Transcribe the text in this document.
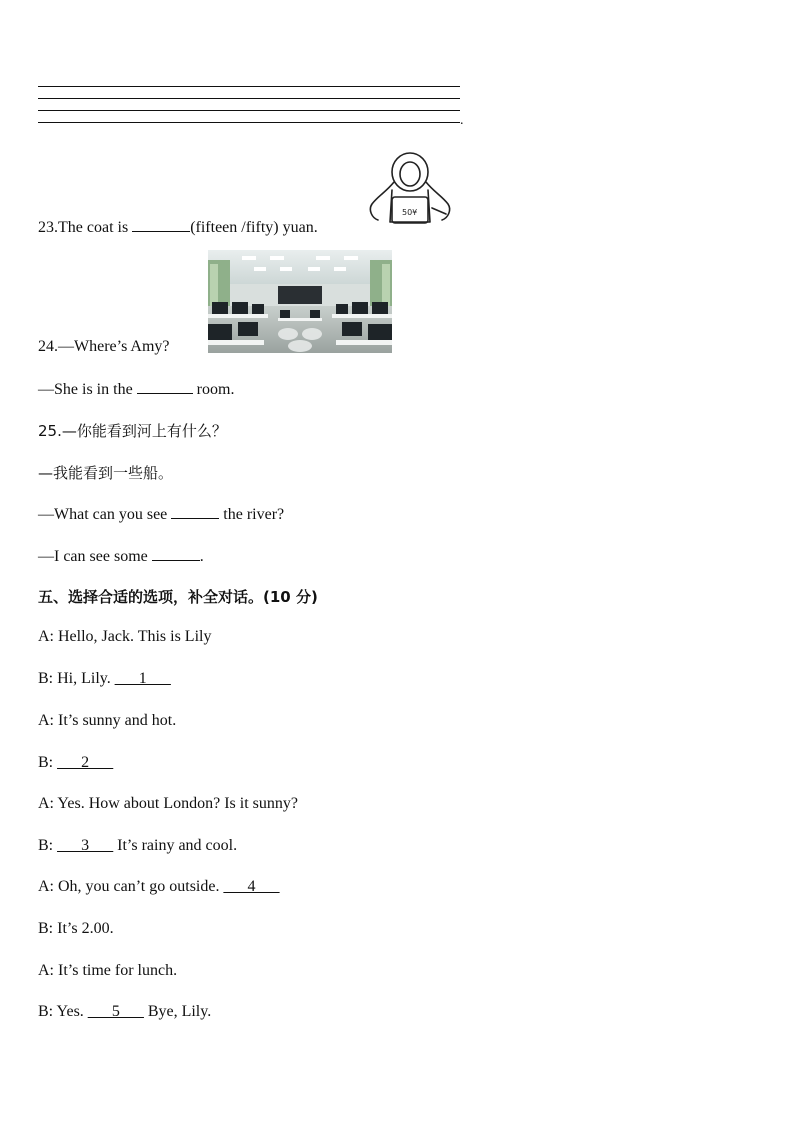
.
23.The coat is	(fifteen /fifty) yuan.
50¥
24.—Where’s Amy?
—She is in the	room.
25.—你能看到河上有什么？
—我能看到一些船。
—What can you see	the river?
—I can see some	.
五、选择合适的选项，补全对话。(10 分)
A: Hello, Jack. This is Lily
B: Hi, Lily. ___1___
A: It’s sunny and hot.
B: ___2___
A: Yes. How about London? Is it sunny?
B: ___3___ It’s rainy and cool.
A: Oh, you can’t go outside. ___4___
B: It’s 2.00.
A: It’s time for lunch.
B: Yes. ___5___ Bye, Lily.
